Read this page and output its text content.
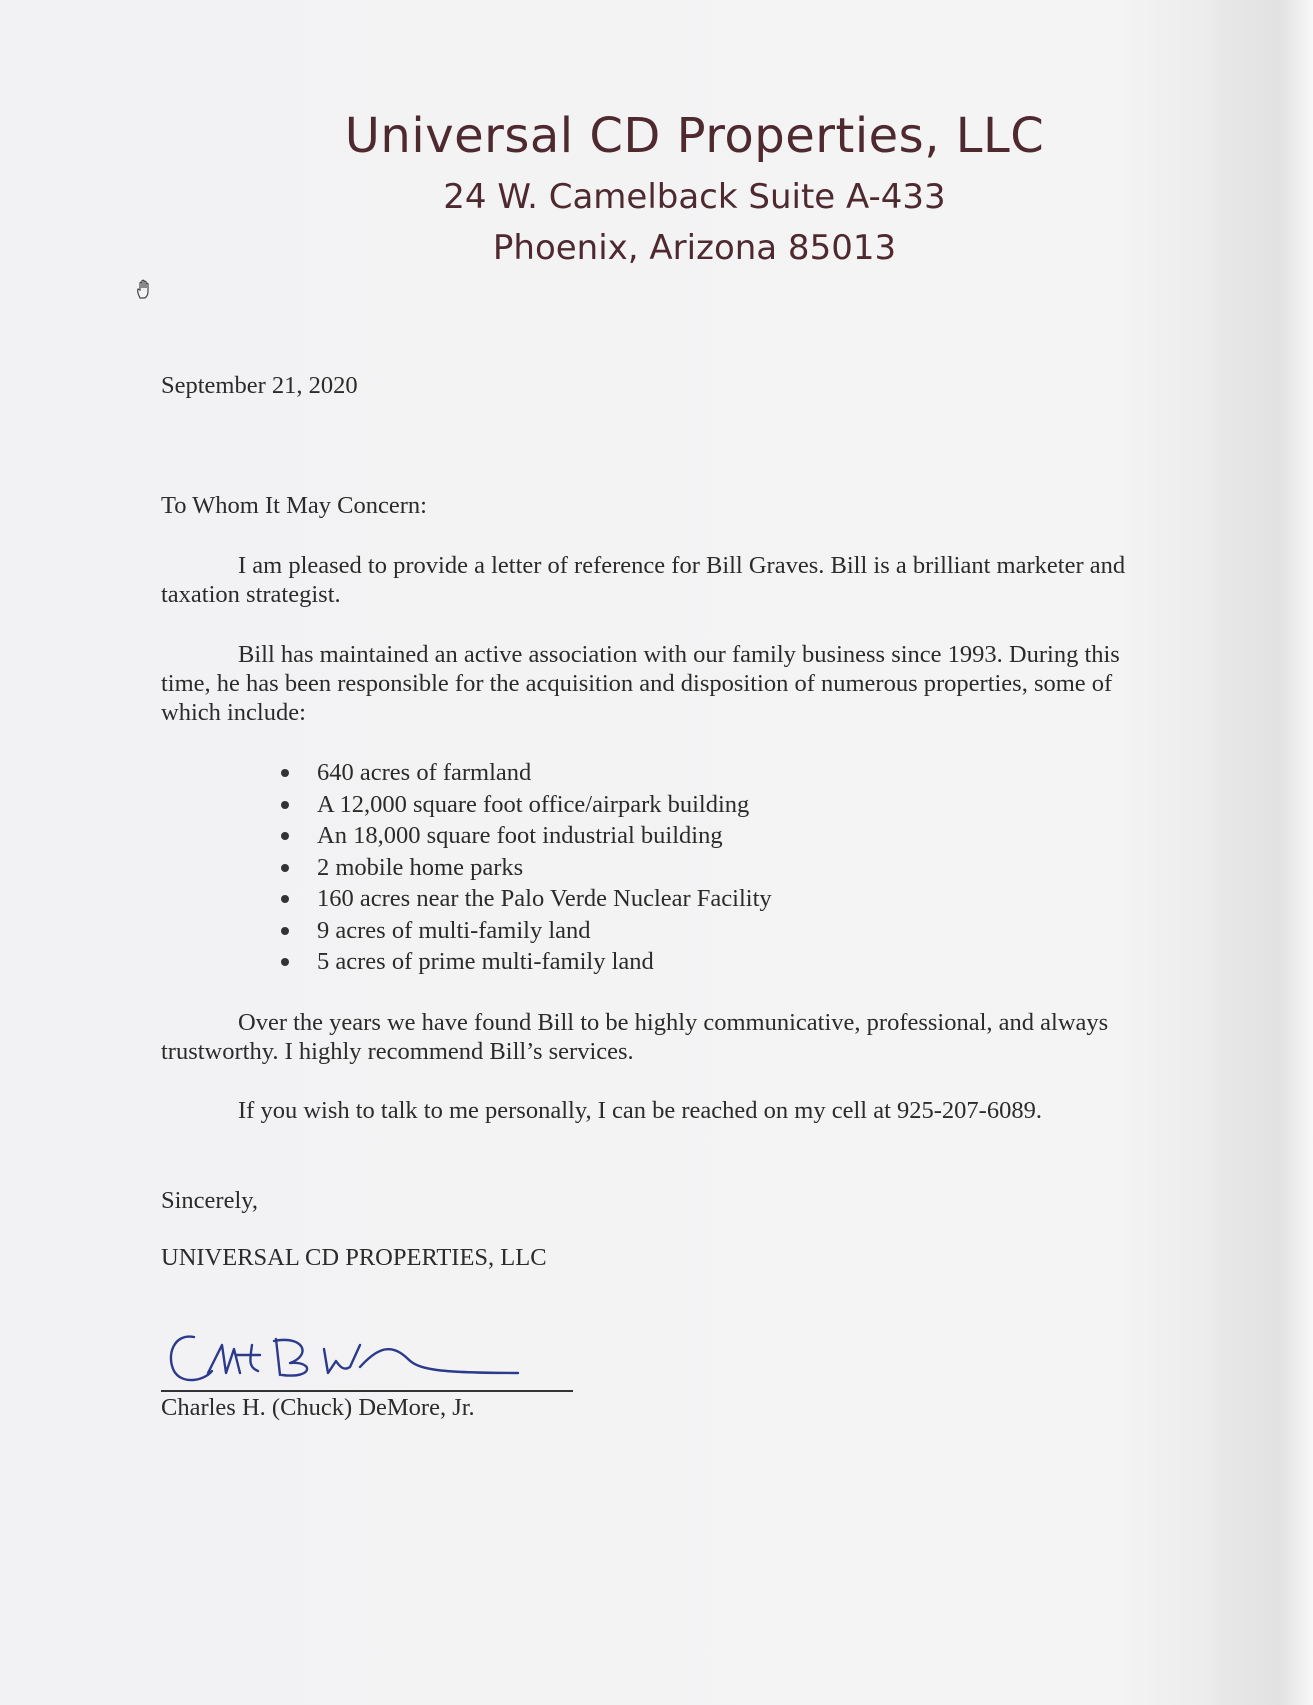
Universal CD Properties, LLC
24 W. Camelback Suite A-433
Phoenix, Arizona 85013
September 21, 2020
To Whom It May Concern:
I am pleased to provide a letter of reference for Bill Graves. Bill is a brilliant marketer and taxation strategist.
Bill has maintained an active association with our family business since 1993. During this time, he has been responsible for the acquisition and disposition of numerous properties, some of which include:
640 acres of farmland
A 12,000 square foot office/airpark building
An 18,000 square foot industrial building
2 mobile home parks
160 acres near the Palo Verde Nuclear Facility
9 acres of multi-family land
5 acres of prime multi-family land
Over the years we have found Bill to be highly communicative, professional, and always trustworthy. I highly recommend Bill’s services.
If you wish to talk to me personally, I can be reached on my cell at 925-207-6089.
Sincerely,
UNIVERSAL CD PROPERTIES, LLC
Charles H. (Chuck) DeMore, Jr.
